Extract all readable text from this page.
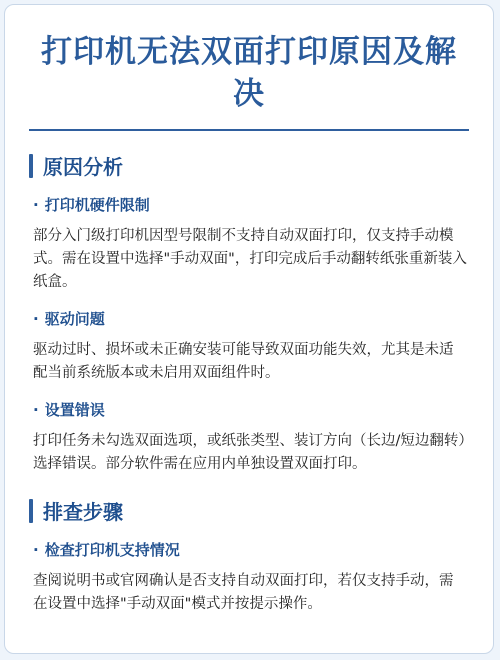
打印机无法双面打印原因及解决
原因分析
· 打印机硬件限制
部分入门级打印机因型号限制不支持自动双面打印，仅支持手动模式。需在设置中选择"手动双面"，打印完成后手动翻转纸张重新装入纸盒。
· 驱动问题
驱动过时、损坏或未正确安装可能导致双面功能失效，尤其是未适配当前系统版本或未启用双面组件时。
· 设置错误
打印任务未勾选双面选项，或纸张类型、装订方向（长边/短边翻转）选择错误。部分软件需在应用内单独设置双面打印。
排查步骤
· 检查打印机支持情况
查阅说明书或官网确认是否支持自动双面打印，若仅支持手动，需在设置中选择"手动双面"模式并按提示操作。
